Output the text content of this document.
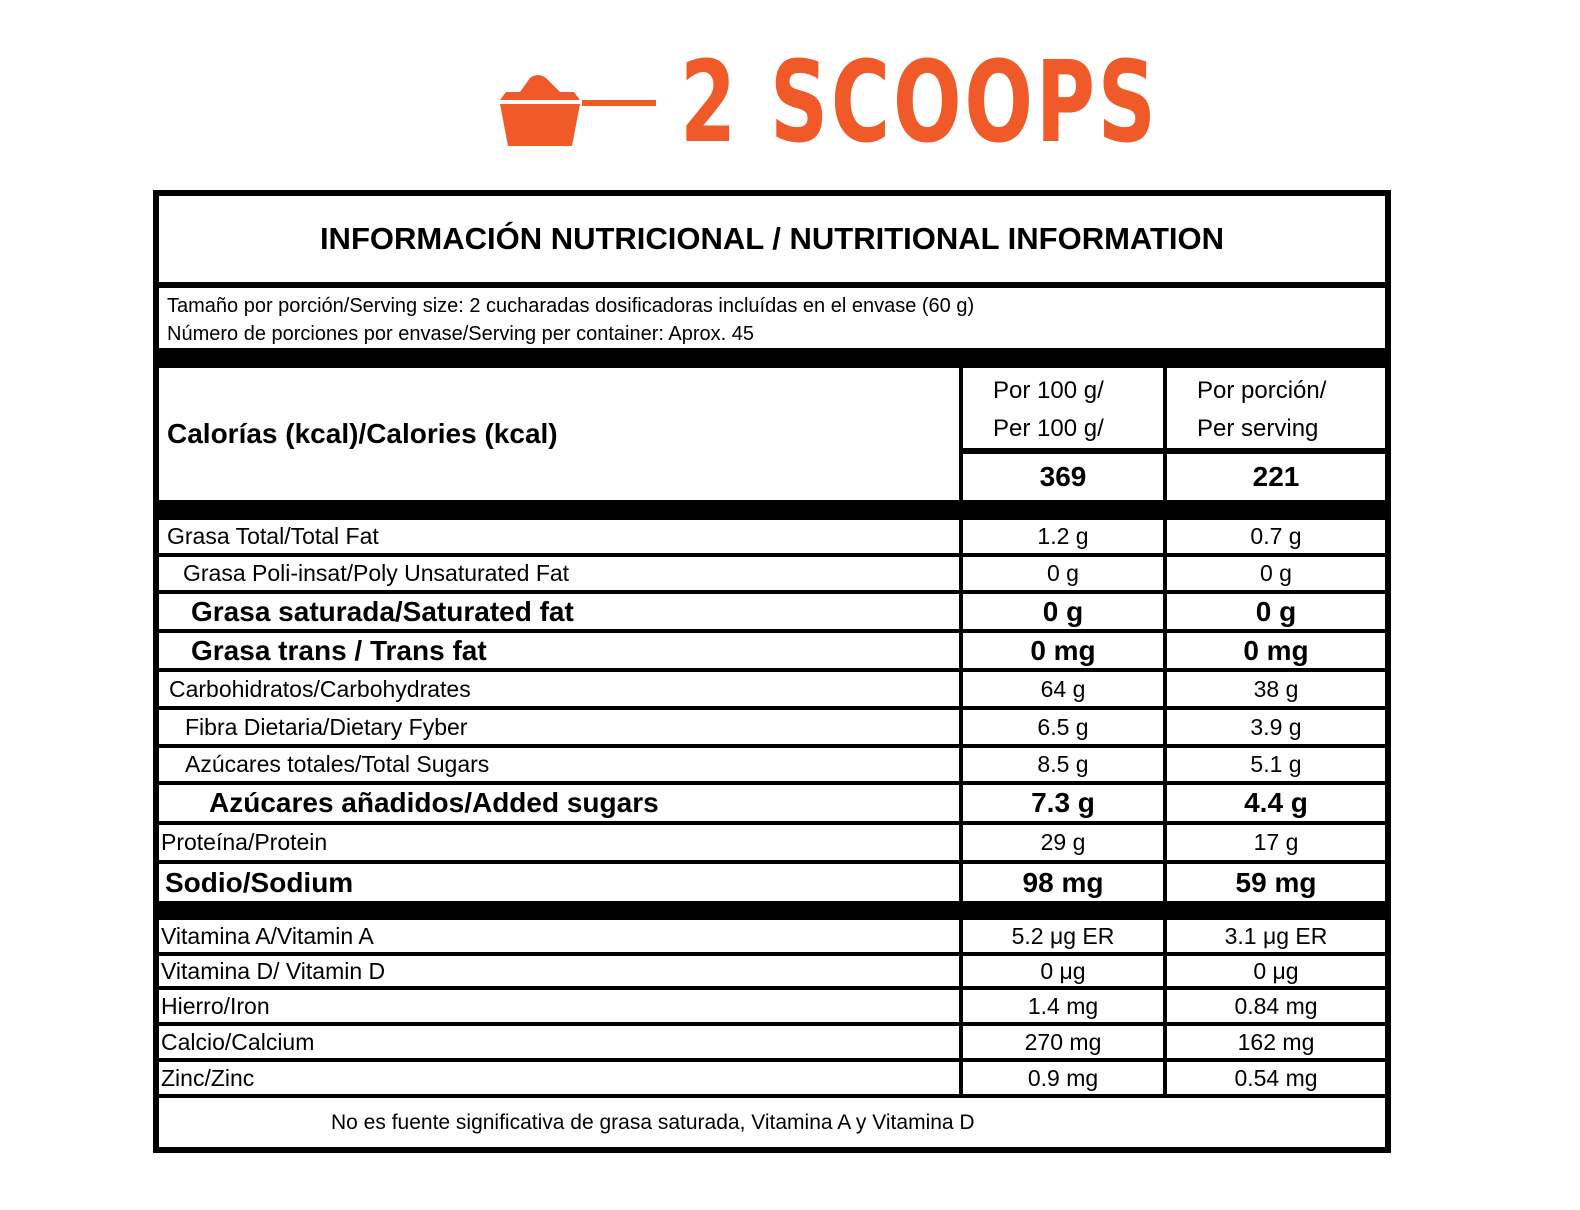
2 SCOOPS
INFORMACIÓN NUTRICIONAL / NUTRITIONAL INFORMATION
Tamaño por porción/Serving size: 2 cucharadas dosificadoras incluídas en el envase (60 g)
Número de porciones por envase/Serving per container: Aprox. 45
Calorías (kcal)/Calories (kcal)
Por 100 g/
Per 100 g/
Por porción/
Per serving
369	221
Grasa Total/Total Fat	1.2 g	0.7 g
Grasa Poli-insat/Poly Unsaturated Fat	0 g	0 g
Grasa saturada/Saturated fat	0 g	0 g
Grasa trans / Trans fat	0 mg	0 mg
Carbohidratos/Carbohydrates	64 g	38 g
Fibra Dietaria/Dietary Fyber	6.5 g	3.9 g
Azúcares totales/Total Sugars	8.5 g	5.1 g
Azúcares añadidos/Added sugars	7.3 g	4.4 g
Proteína/Protein	29 g	17 g
Sodio/Sodium	98 mg	59 mg
Vitamina A/Vitamin A	5.2 μg ER	3.1 μg ER
Vitamina D/ Vitamin D	0 μg	0 μg
Hierro/Iron	1.4 mg	0.84 mg
Calcio/Calcium	270 mg	162 mg
Zinc/Zinc	0.9 mg	0.54 mg
No es fuente significativa de grasa saturada, Vitamina A y Vitamina D
